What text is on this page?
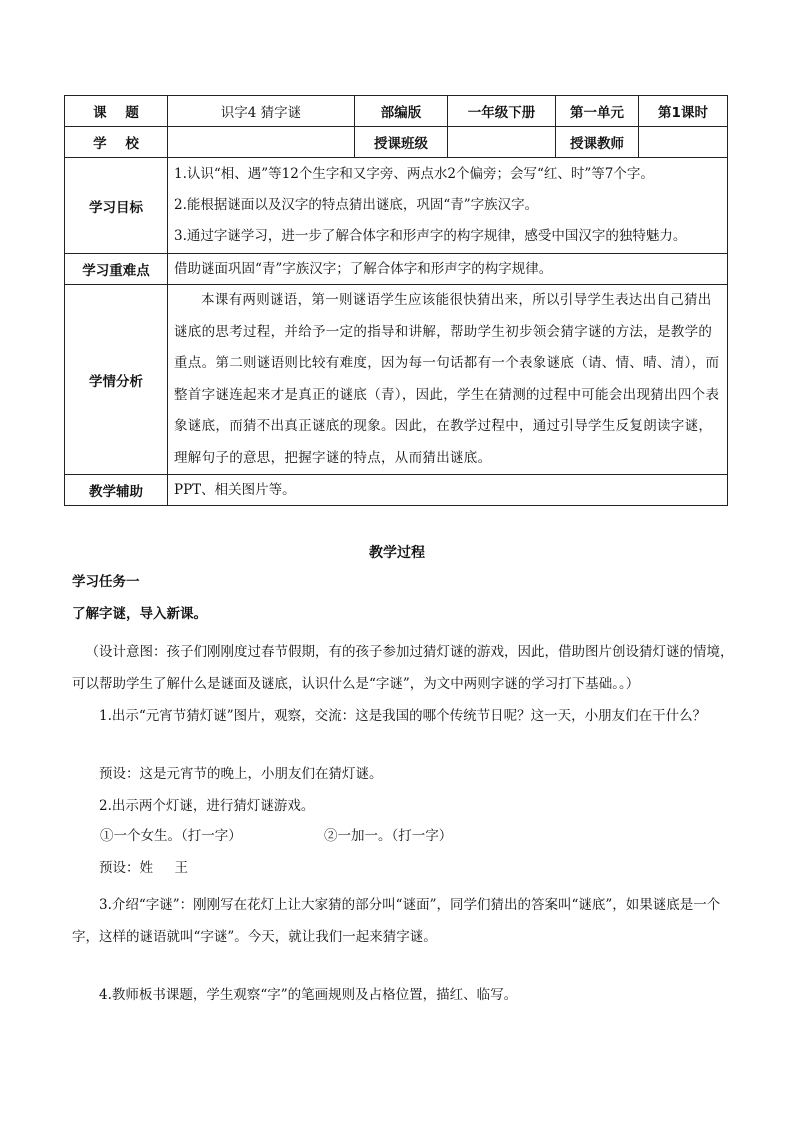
课    题	识字4 猜字谜	部编版	一年级下册	第一单元	第1课时
学    校		授课班级		授课教师	
学习目标	1.认识“相、遇”等12个生字和又字旁、两点水2个偏旁；会写“红、时”等7个字。
2.能根据谜面以及汉字的特点猜出谜底，巩固“青”字族汉字。
3.通过字谜学习，进一步了解合体字和形声字的构字规律，感受中国汉字的独特魅力。				

学习重难点	借助谜面巩固“青”字族汉字；了解合体字和形声字的构字规律。				
学情分析	本课有两则谜语，第一则谜语学生应该能很快猜出来，所以引导学生表达出自己猜出谜底的思考过程，并给予一定的指导和讲解，帮助学生初步领会猜字谜的方法，是教学的重点。第二则谜语则比较有难度，因为每一句话都有一个表象谜底（请、情、晴、清），而整首字谜连起来才是真正的谜底（青），因此，学生在猜测的过程中可能会出现猜出四个表象谜底，而猜不出真正谜底的现象。因此，在教学过程中，通过引导学生反复朗读字谜，理解句子的意思，把握字谜的特点，从而猜出谜底。				
教学辅助	PPT、相关图片等。				
教学过程
学习任务一
了解字谜，导入新课。
（设计意图：孩子们刚刚度过春节假期，有的孩子参加过猜灯谜的游戏，因此，借助图片创设猜灯谜的情境，可以帮助学生了解什么是谜面及谜底，认识什么是“字谜”，为文中两则字谜的学习打下基础。。）
1.出示“元宵节猜灯谜”图片，观察，交流：这是我国的哪个传统节日呢？这一天，小朋友们在干什么？
预设：这是元宵节的晚上，小朋友们在猜灯谜。
2.出示两个灯谜，进行猜灯谜游戏。
①一个女生。（打一字）	②一加一。（打一字）
预设：姓     王
3.介绍“字谜”：刚刚写在花灯上让大家猜的部分叫“谜面”，同学们猜出的答案叫“谜底”，如果谜底是一个字，这样的谜语就叫“字谜”。今天，就让我们一起来猜字谜。
4.教师板书课题，学生观察“字”的笔画规则及占格位置，描红、临写。
